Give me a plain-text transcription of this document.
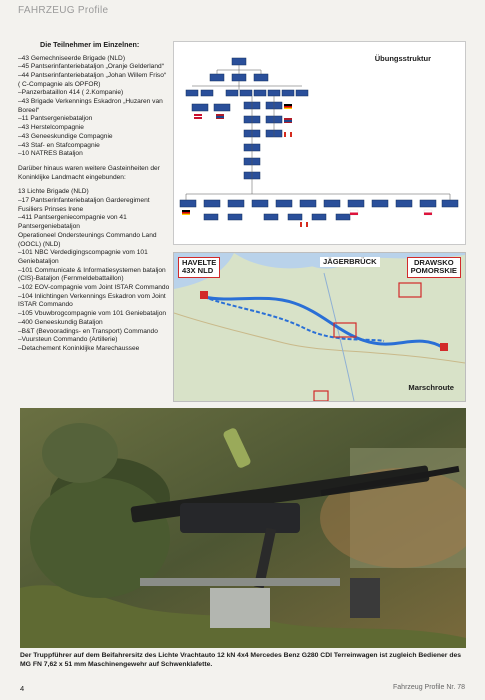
FAHRZEUG Profile
Die Teilnehmer im Einzelnen:
–43 Gemechniseerde Brigade (NLD)
–45 Pantserinfanteriebataljon „Oranje Gelderland“
–44 Pantserinfanteriebataljon „Johan Willem Friso“ ( C-Compagnie als OPFOR)
–Panzerbataillon 414 ( 2.Kompanie)
–43 Brigade Verkennings Eskadron „Huzaren van Boreel“
–11 Pantsergeniebataljon
–43 Herstelcompagnie
–43 Geneeskundige Compagnie
–43 Staf- en Stafcompagnie
–10 NATRES Bataljon

Darüber hinaus waren weitere Gasteinheiten der Koninklijke Landmacht eingebunden:

13 Lichte Brigade (NLD)
–17 Pantserinfanteriebataljon Garderegiment Fusiliers Prinses Irene
–411 Pantsergeniecompagnie von 41 Pantsergeniebataljon
Operationeel Ondersteunings Commando Land (OOCL) (NLD)
–101 NBC Verdedigingscompagnie vom 101 Geniebataljon
–101 Communicate & Informatiesystemen bataljon (CIS)-Bataljon (Fernmeldebattaillon)
–102 EOV-compagnie vom Joint ISTAR Commando
–104 Inlichtingen Verkennings Eskadron vom Joint ISTAR Commando
–105 Vbuwbrogcompagnie vom 101 Geniebataljon
–400 Geneeskundig Bataljon
–B&T (Bevooradings- en Transport) Commando
–Vuursteun Commando (Artillerie)
–Detachement Koninklijke Marechaussee
Übungsstruktur
HAVELTE
43X NLD
JÄGERBRÜCK	DRAWSKO
POMORSKIE
Marschroute
Der Truppführer auf dem Beifahrersitz des Lichte Vrachtauto 12 kN 4x4 Mercedes Benz G280 CDI Terreinwagen ist zugleich Bediener des MG FN 7,62 x 51 mm Maschinengewehr auf Schwenklafette.
4	Fahrzeug Profile Nr. 78
